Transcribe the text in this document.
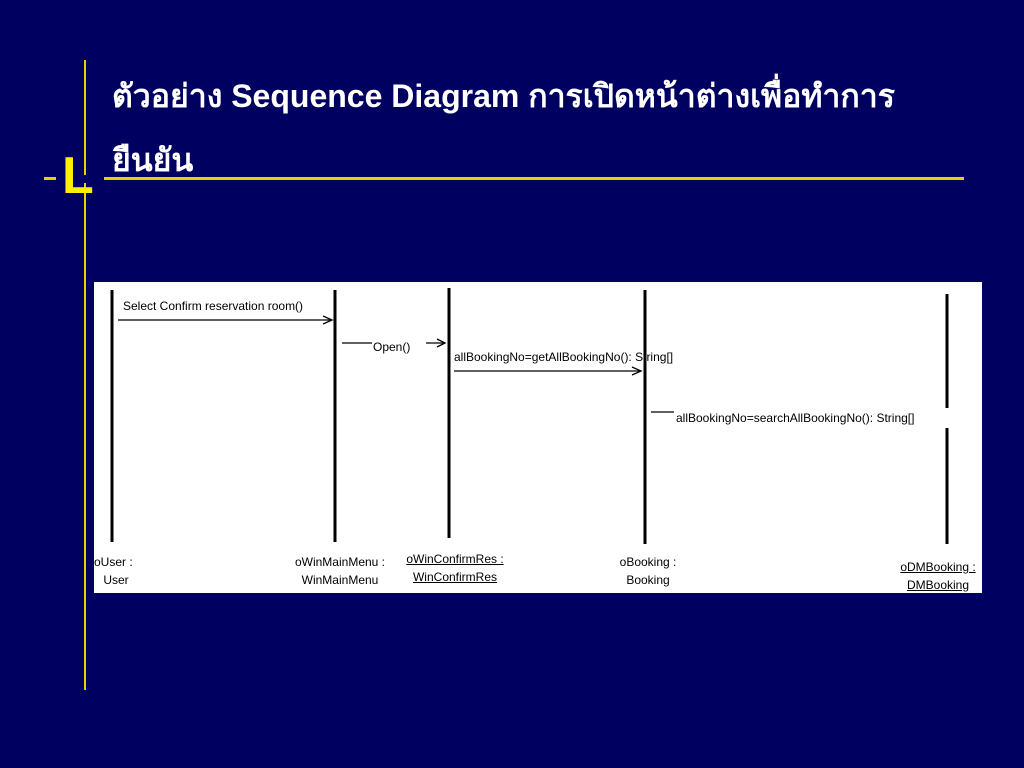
L
ตัวอย่าง Sequence Diagram การเปิดหน้าต่างเพื่อทำการยืนยัน
Select Confirm reservation room()
Open()
allBookingNo=getAllBookingNo(): String[]
allBookingNo=searchAllBookingNo(): String[]
oUser :
User
oWinMainMenu :
WinMainMenu
oWinConfirmRes :
WinConfirmRes
oBooking :
Booking
oDMBooking :
DMBooking
